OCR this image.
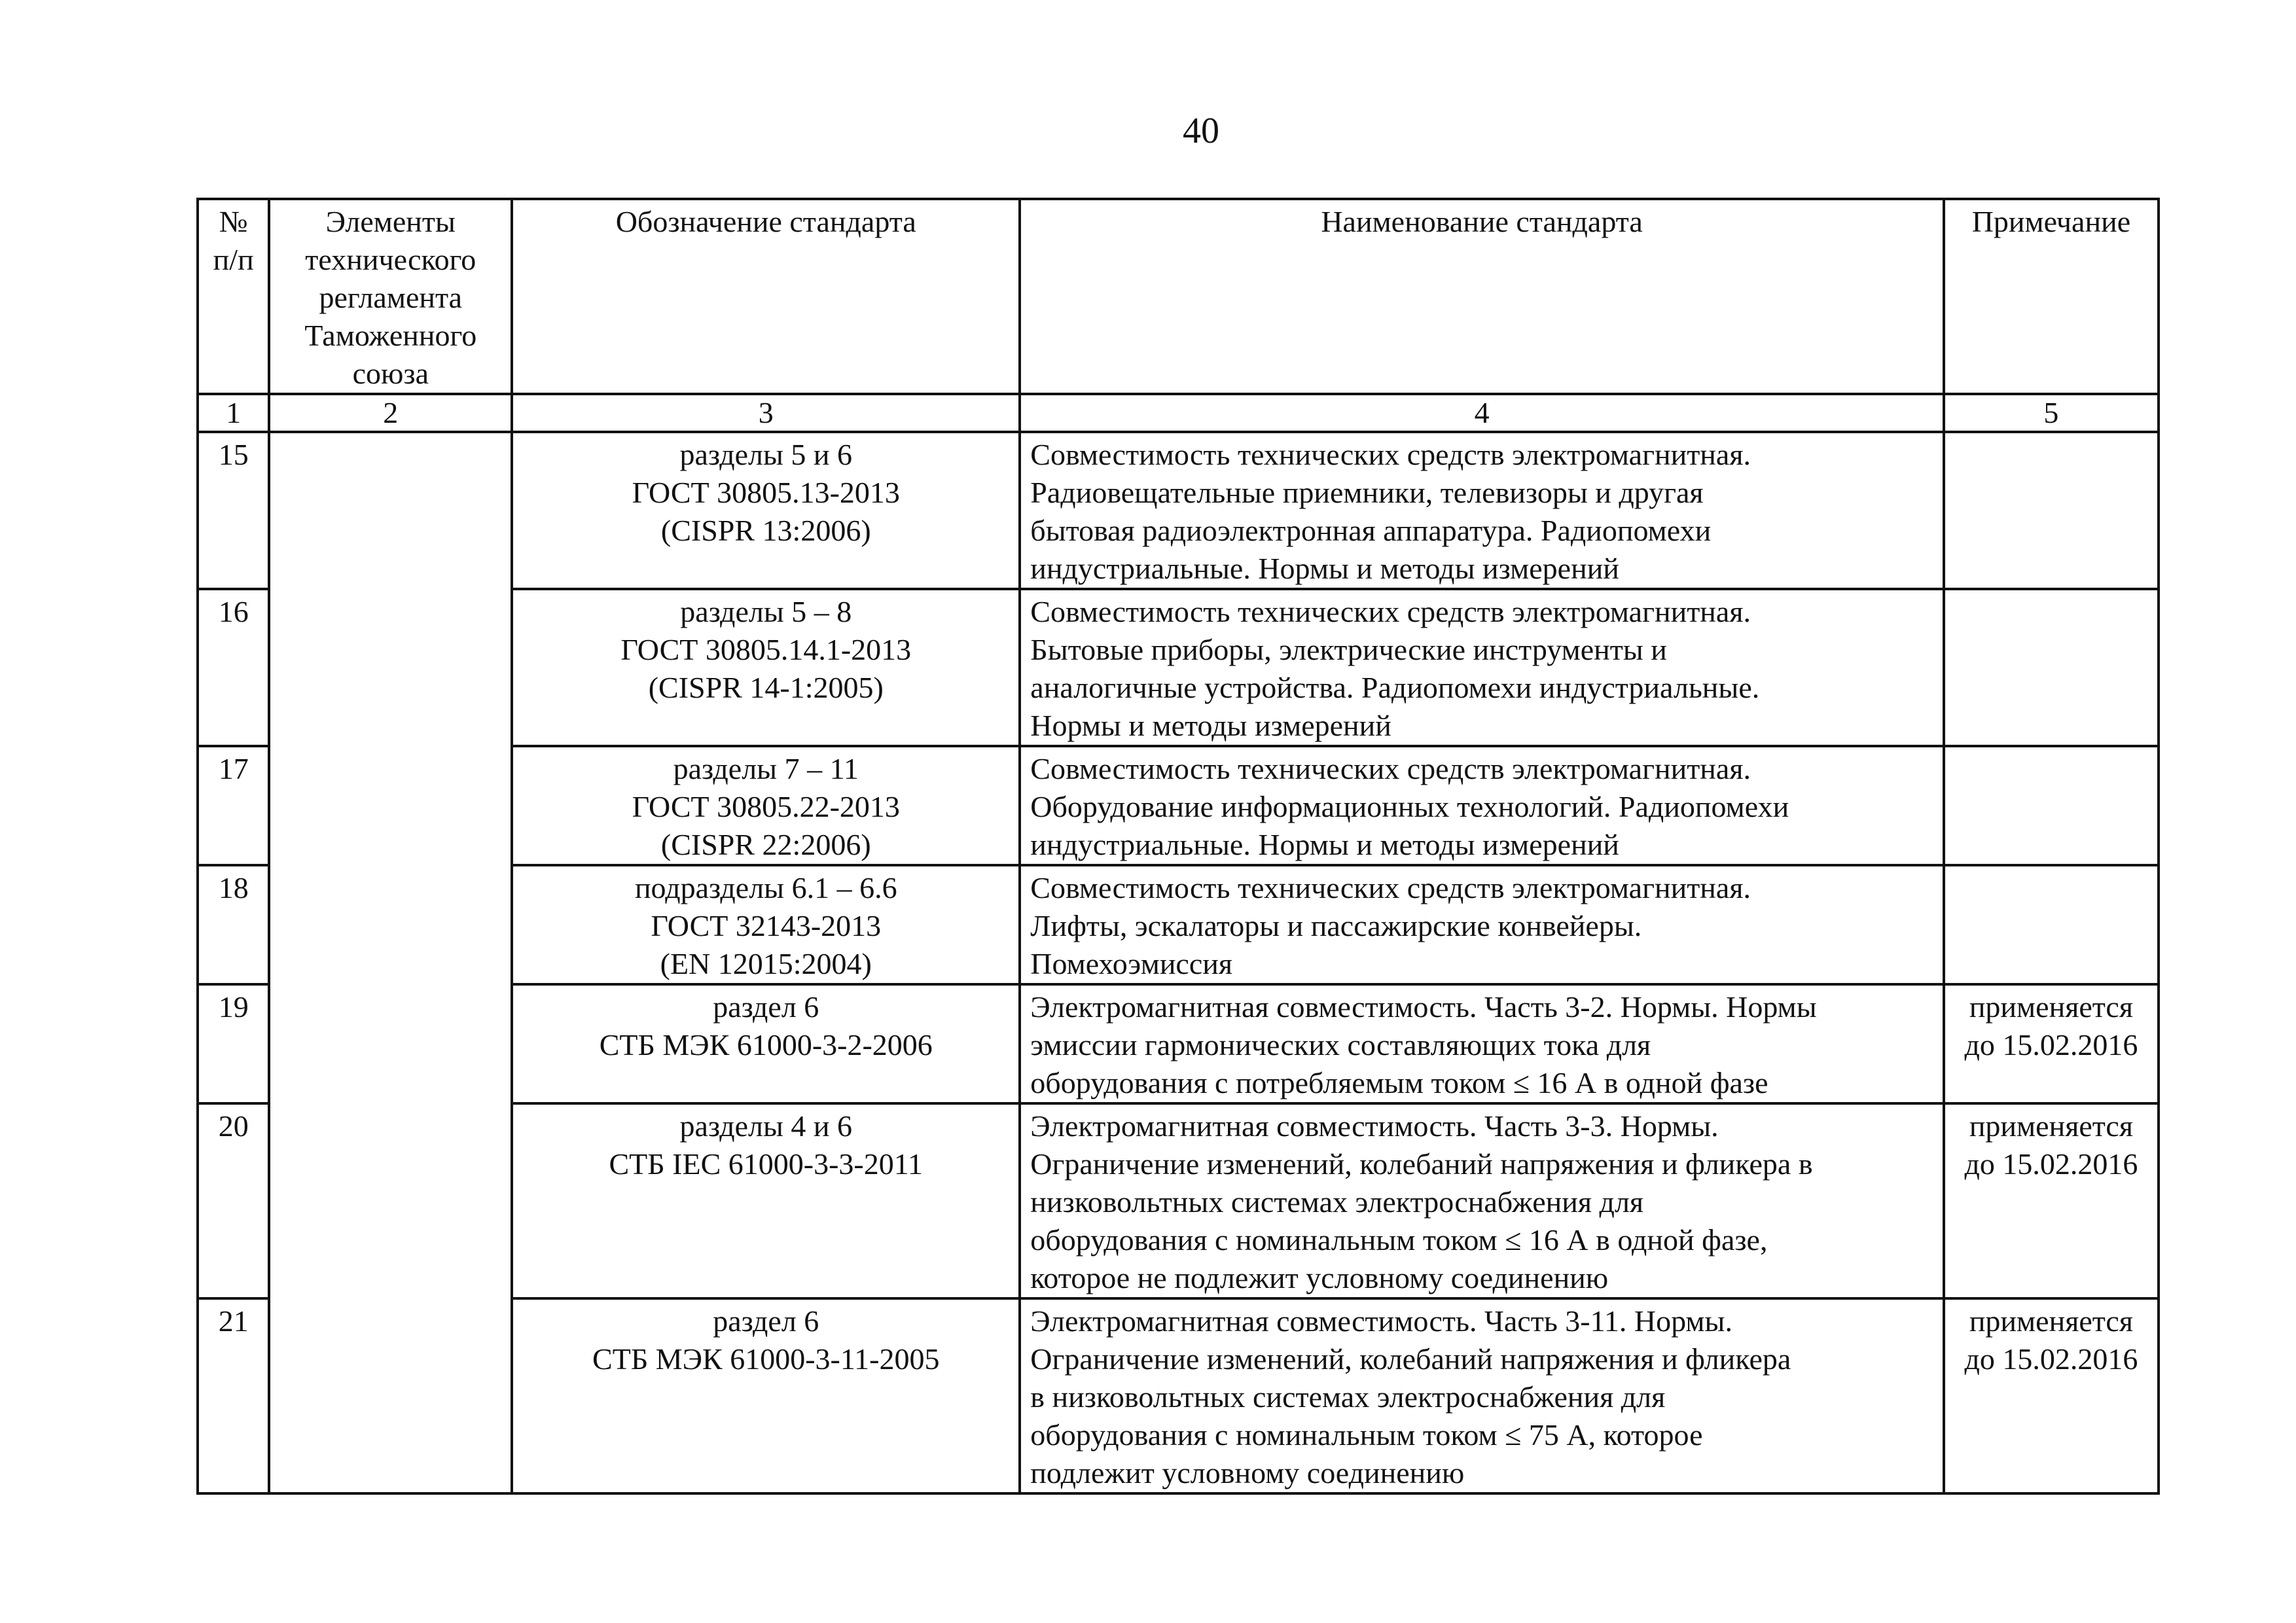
40
№
п/п	Элементы
технического
регламента
Таможенного
союза	Обозначение стандарта	Наименование стандарта	Примечание

1	2	3	4	5
15		разделы 5 и 6
ГОСТ 30805.13-2013
(CISPR 13:2006)	Совместимость технических средств электромагнитная.
Радиовещательные приемники, телевизоры и другая
бытовая радиоэлектронная аппаратура. Радиопомехи
индустриальные. Нормы и методы измерений	

16		разделы 5 – 8
ГОСТ 30805.14.1-2013
(CISPR 14-1:2005)	Совместимость технических средств электромагнитная.
Бытовые приборы, электрические инструменты и
аналогичные устройства. Радиопомехи индустриальные.
Нормы и методы измерений	

17		разделы 7 – 11
ГОСТ 30805.22-2013
(CISPR 22:2006)	Совместимость технических средств электромагнитная.
Оборудование информационных технологий. Радиопомехи
индустриальные. Нормы и методы измерений	

18		подразделы 6.1 – 6.6
ГОСТ 32143-2013
(EN 12015:2004)	Совместимость технических средств электромагнитная.
Лифты, эскалаторы и пассажирские конвейеры.
Помехоэмиссия	

19		раздел 6
СТБ МЭК 61000-3-2-2006	Электромагнитная совместимость. Часть 3-2. Нормы. Нормы
эмиссии гармонических составляющих тока для
оборудования с потребляемым током ≤ 16 А в одной фазе	применяется
до 15.02.2016

20		разделы 4 и 6
СТБ IEC 61000-3-3-2011	Электромагнитная совместимость. Часть 3-3. Нормы.
Ограничение изменений, колебаний напряжения и фликера в
низковольтных системах электроснабжения для
оборудования с номинальным током ≤ 16 А в одной фазе,
которое не подлежит условному соединению	применяется
до 15.02.2016

21		раздел 6
СТБ МЭК 61000-3-11-2005	Электромагнитная совместимость. Часть 3-11. Нормы.
Ограничение изменений, колебаний напряжения и фликера
в низковольтных системах электроснабжения для
оборудования с номинальным током ≤ 75 А, которое
подлежит условному соединению	применяется
до 15.02.2016
